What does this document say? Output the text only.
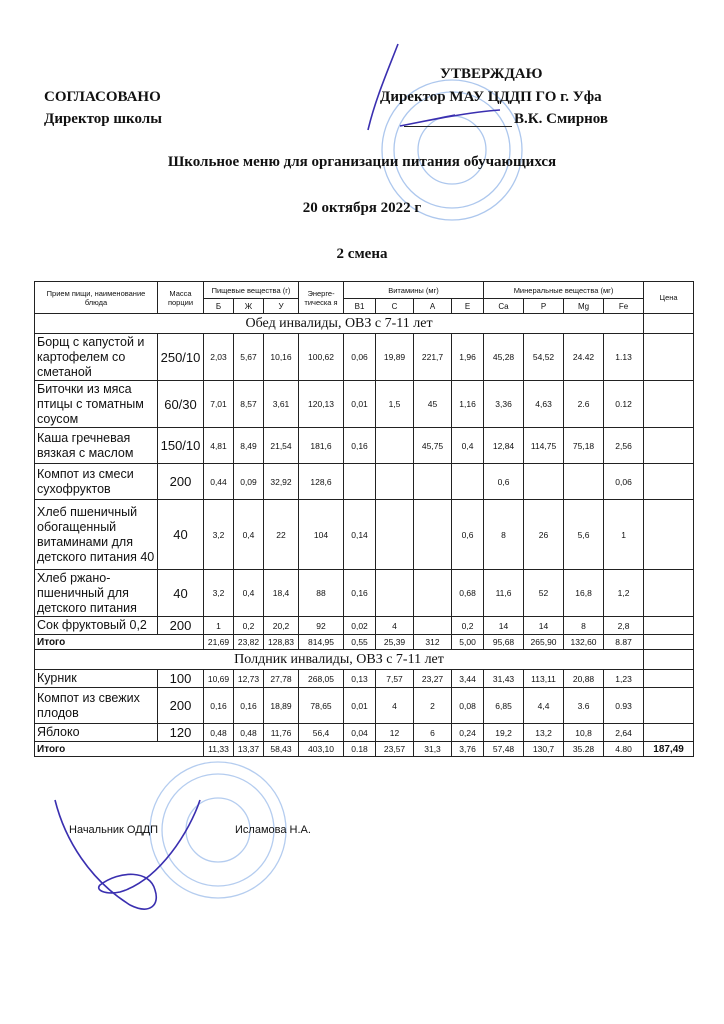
УТВЕРЖДАЮ
СОГЛАСОВАНО	Директор МАУ ЦДДП ГО г. Уфа
Директор школы	В.К. Смирнов
Школьное меню для организации питания обучающихся
20 октября 2022 г
2 смена
Прием пищи, наименование блюда	Масса порции	Пищевые вещества (г)			Энерге-тическа я	Витамины (мг)				Минеральные вещества (мг)				Цена
		Б	Ж	У		В1	С	А	Е	Ca	P	Mg	Fe	
Обед инвалиды, ОВЗ с 7-11 лет														
Борщ с капустой и картофелем со сметаной	250/10	2,03	5,67	10,16	100,62	0,06	19,89	221,7	1,96	45,28	54,52	24.42	1.13	
Биточки из мяса птицы с томатным соусом	60/30	7,01	8,57	3,61	120,13	0,01	1,5	45	1,16	3,36	4,63	2.6	0.12	
Каша гречневая вязкая с маслом	150/10	4,81	8,49	21,54	181,6	0,16		45,75	0,4	12,84	114,75	75,18	2,56	
Компот из смеси сухофруктов	200	0,44	0,09	32,92	128,6					0,6			0,06	
Хлеб пшеничный обогащенный витаминами для детского питания 40	40	3,2	0,4	22	104	0,14			0,6	8	26	5,6	1	
Хлеб ржано-пшеничный для детского питания	40	3,2	0,4	18,4	88	0,16			0,68	11,6	52	16,8	1,2	
Сок фруктовый 0,2	200	1	0,2	20,2	92	0,02	4		0,2	14	14	8	2,8	
Итого		21,69	23,82	128,83	814,95	0,55	25,39	312	5,00	95,68	265,90	132,60	8.87	
Полдник инвалиды, ОВЗ с 7-11 лет														
Курник	100	10,69	12,73	27,78	268,05	0,13	7,57	23,27	3,44	31,43	113,11	20,88	1,23	
Компот из свежих плодов	200	0,16	0,16	18,89	78,65	0,01	4	2	0,08	6,85	4,4	3.6	0.93	
Яблоко	120	0,48	0,48	11,76	56,4	0,04	12	6	0,24	19,2	13,2	10,8	2,64	
Итого		11,33	13,37	58,43	403,10	0.18	23,57	31,3	3,76	57,48	130,7	35.28	4.80	187,49
Начальник ОДДП	Исламова Н.А.
